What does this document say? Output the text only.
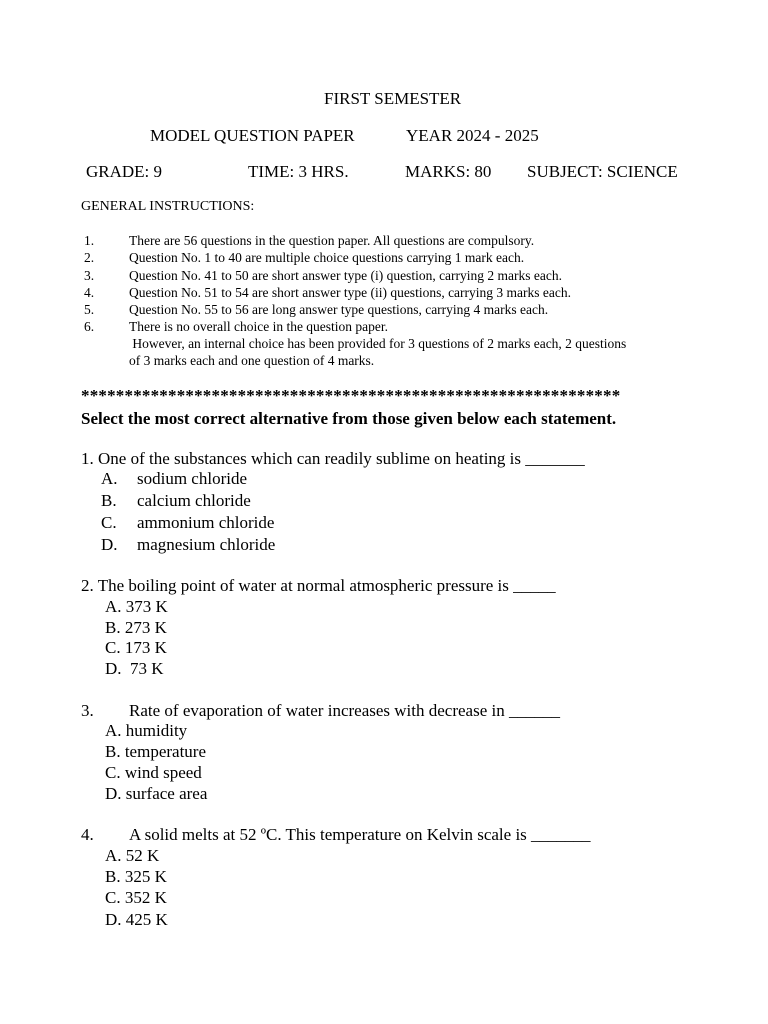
FIRST SEMESTER
MODEL QUESTION PAPER	YEAR 2024 - 2025
GRADE: 9	TIME: 3 HRS.	MARKS: 80 SUBJECT: SCIENCE
GENERAL INSTRUCTIONS:
1.	There are 56 questions in the question paper. All questions are compulsory.
2.	Question No. 1 to 40 are multiple choice questions carrying 1 mark each.
3.	Question No. 41 to 50 are short answer type (i) question, carrying 2 marks each.
4.	Question No. 51 to 54 are short answer type (ii) questions, carrying 3 marks each.
5.	Question No. 55 to 56 are long answer type questions, carrying 4 marks each.
6.	There is no overall choice in the question paper.
However, an internal choice has been provided for 3 questions of 2 marks each, 2 questions
of 3 marks each and one question of 4 marks.
**************************************************************
Select the most correct alternative from those given below each statement.
1. One of the substances which can readily sublime on heating is _______
A. sodium chloride
B. calcium chloride
C. ammonium chloride
D. magnesium chloride
2. The boiling point of water at normal atmospheric pressure is _____
A. 373 K
B. 273 K
C. 173 K
D.  73 K
3. Rate of evaporation of water increases with decrease in ______
A. humidity
B. temperature
C. wind speed
D. surface area
4. A solid melts at 52 ºC. This temperature on Kelvin scale is _______
A. 52 K
B. 325 K
C. 352 K
D. 425 K
